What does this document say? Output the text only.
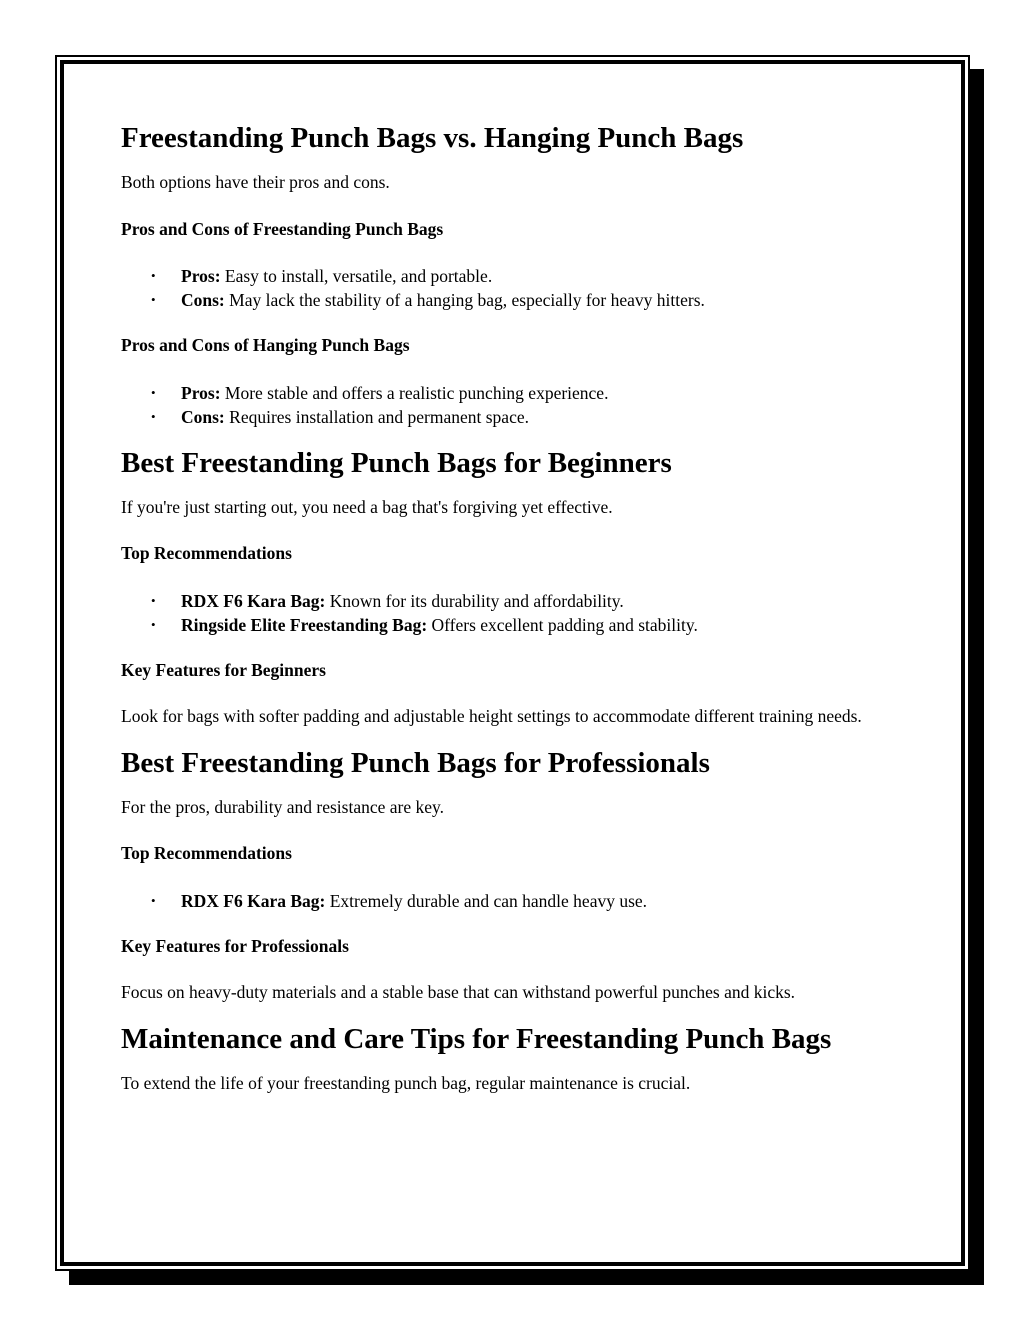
Freestanding Punch Bags vs. Hanging Punch Bags

Both options have their pros and cons.

Pros and Cons of Freestanding Punch Bags
• Pros: Easy to install, versatile, and portable.
• Cons: May lack the stability of a hanging bag, especially for heavy hitters.
Pros and Cons of Hanging Punch Bags
• Pros: More stable and offers a realistic punching experience.
• Cons: Requires installation and permanent space.
Best Freestanding Punch Bags for Beginners

If you're just starting out, you need a bag that's forgiving yet effective.

Top Recommendations
• RDX F6 Kara Bag: Known for its durability and affordability.
• Ringside Elite Freestanding Bag: Offers excellent padding and stability.
Key Features for Beginners

Look for bags with softer padding and adjustable height settings to accommodate different training needs.

Best Freestanding Punch Bags for Professionals

For the pros, durability and resistance are key.

Top Recommendations
• RDX F6 Kara Bag: Extremely durable and can handle heavy use.
Key Features for Professionals

Focus on heavy-duty materials and a stable base that can withstand powerful punches and kicks.

Maintenance and Care Tips for Freestanding Punch Bags

To extend the life of your freestanding punch bag, regular maintenance is crucial.
